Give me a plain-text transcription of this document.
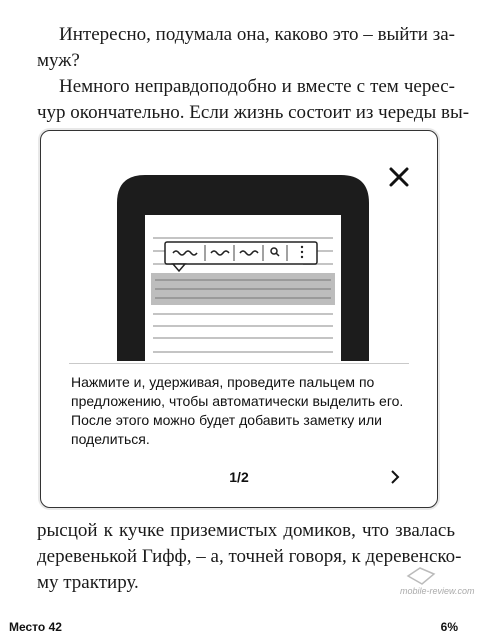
Интересно, подумала она, каково это – выйти за-
муж?
Немного неправдоподобно и вместе с тем черес-
чур окончательно. Если жизнь состоит из череды вы-
рысцой к кучке приземистых домиков, что звалась
деревенькой Гифф, – а, точней говоря, к деревенско-
му трактиру.
Нажмите и, удерживая, проведите пальцем по предложению, чтобы автоматически выделить его. После этого можно будет добавить заметку или поделиться.
1/2
mobile-review.com
Место 42	6%
